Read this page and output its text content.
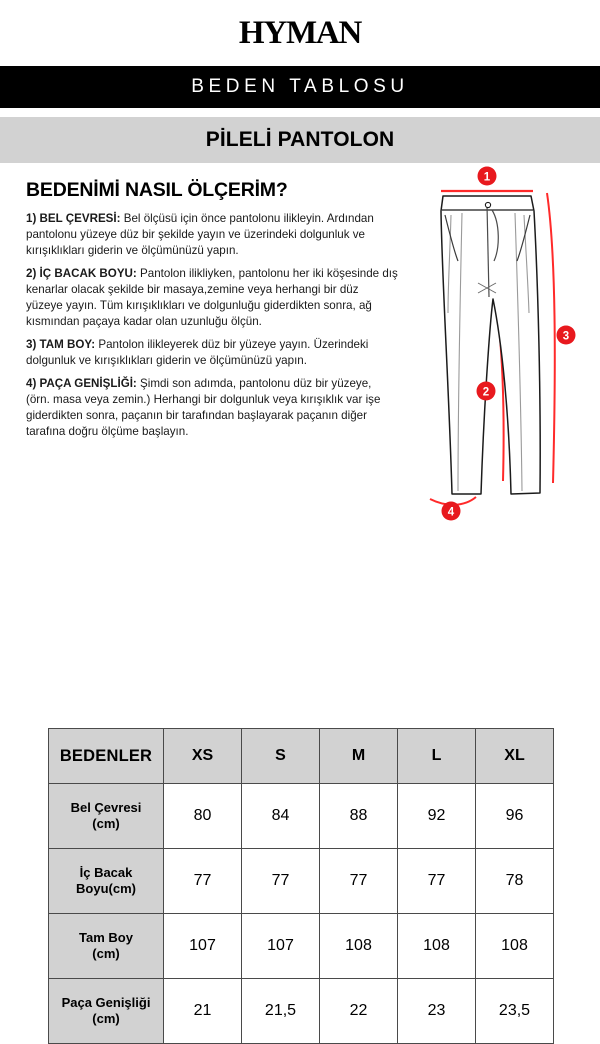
HYMAN
BEDEN TABLOSU
PİLELİ PANTOLON
BEDENİMİ NASIL ÖLÇERİM?

1) BEL ÇEVRESİ: Bel ölçüsü için önce pantolonu ilikleyin. Ardından pantolonu yüzeye düz bir şekilde yayın ve üzerindeki dolgunluk ve kırışıklıkları giderin ve ölçümünüzü yapın.

2) İÇ BACAK BOYU: Pantolon ilikliyken, pantolonu her iki köşesinde dış kenarlar olacak şekilde bir masaya,zemine veya herhangi bir düz yüzeye yayın. Tüm kırışıklıkları ve dolgunluğu giderdikten sonra, ağ kısmından paçaya kadar olan uzunluğu ölçün.

3) TAM BOY: Pantolon ilikleyerek düz bir yüzeye yayın. Üzerindeki dolgunluk ve kırışıklıkları giderin ve ölçümünüzü yapın.

4) PAÇA GENİŞLİĞİ: Şimdi son adımda, pantolonu düz bir yüzeye, (örn. masa veya zemin.) Herhangi bir dolgunluk veya kırışıklık var işe giderdikten sonra, paçanın bir tarafından başlayarak paçanın diğer tarafına doğru ölçüme başlayın.

1
2
3
4
BEDENLER	XS	S	M	L	XL
Bel Çevresi
(cm)	80	84	88	92	96
İç Bacak
Boyu(cm)	77	77	77	77	78
Tam Boy
(cm)	107	107	108	108	108
Paça Genişliği
(cm)	21	21,5	22	23	23,5
